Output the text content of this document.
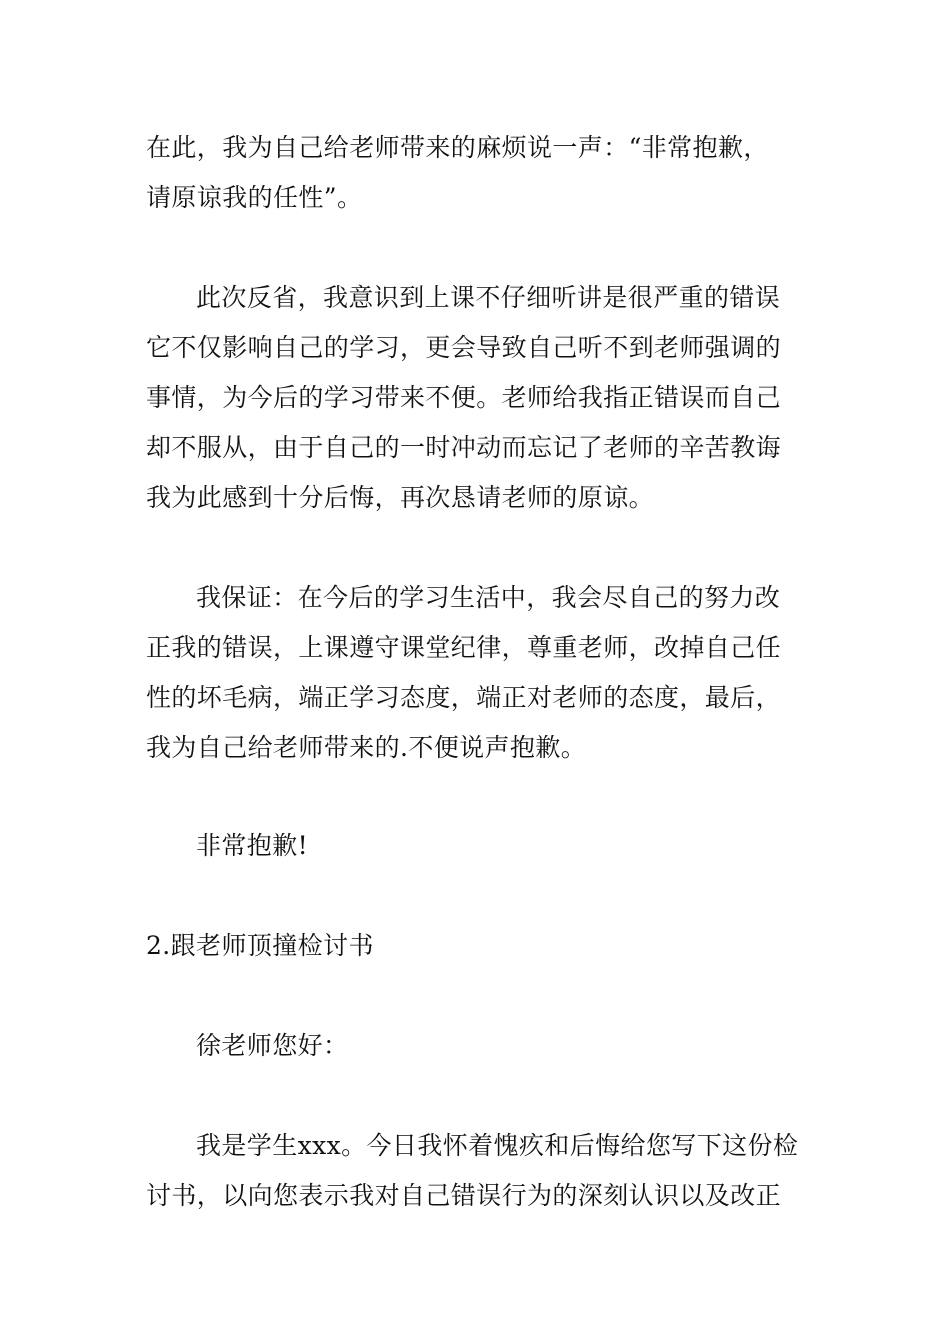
在此，我为自己给老师带来的麻烦说一声：“非常抱歉，
请原谅我的任性”。
此次反省，我意识到上课不仔细听讲是很严重的错误
它不仅影响自己的学习，更会导致自己听不到老师强调的
事情，为今后的学习带来不便。老师给我指正错误而自己
却不服从，由于自己的一时冲动而忘记了老师的辛苦教诲
我为此感到十分后悔，再次恳请老师的原谅。
我保证：在今后的学习生活中，我会尽自己的努力改
正我的错误，上课遵守课堂纪律，尊重老师，改掉自己任
性的坏毛病，端正学习态度，端正对老师的态度，最后，
我为自己给老师带来的.不便说声抱歉。
非常抱歉!
2.跟老师顶撞检讨书
徐老师您好：
我是学生xxx。今日我怀着愧疚和后悔给您写下这份检
讨书，以向您表示我对自己错误行为的深刻认识以及改正
